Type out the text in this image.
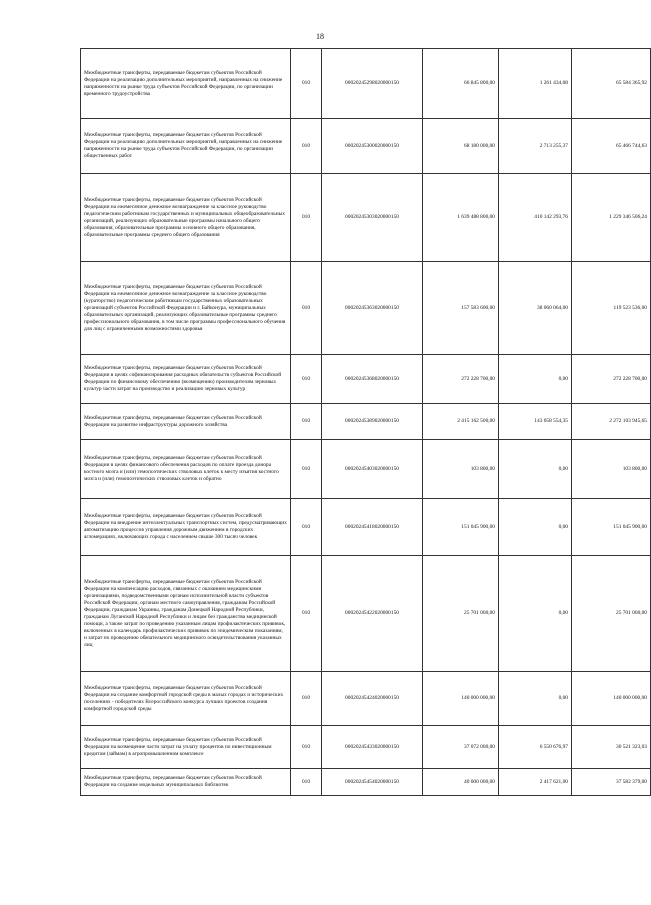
18
Межбюджетные трансферты, передаваемые бюджетам субъектов Российской Федерации на реализацию дополнительных мероприятий, направленных на снижение напряженности на рынке труда субъектов Российской Федерации, по организации временного трудоустройства	010	00020245298020000150	66 845 800,00	1 261 434,08	65 584 365,92
Межбюджетные трансферты, передаваемые бюджетам субъектов Российской Федерации на реализацию дополнительных мероприятий, направленных на снижение напряженности на рынке труда субъектов Российской Федерации, по организации общественных работ	010	00020245300020000150	68 180 000,00	2 713 255,37	65 466 744,63
Межбюджетные трансферты, передаваемые бюджетам субъектов Российской Федерации на ежемесячное денежное вознаграждение за классное руководство педагогическим работникам государственных и муниципальных общеобразовательных организаций, реализующих образовательные программы начального общего образования, образовательные программы основного общего образования, образовательные программы среднего общего образования	010	00020245303020000150	1 639 488 800,00	410 142 293,76	1 229 346 506,24
Межбюджетные трансферты, передаваемые бюджетам субъектов Российской Федерации на ежемесячное денежное вознаграждение за классное руководство (кураторство) педагогическим работникам государственных образовательных организаций субъектов Российской Федерации и г. Байконура, муниципальных образовательных организаций, реализующих образовательные программы среднего профессионального образования, в том числе программы профессионального обучения для лиц с ограниченными возможностями здоровья	010	00020245363020000150	157 583 600,00	38 060 064,00	119 523 536,00
Межбюджетные трансферты, передаваемые бюджетам субъектов Российской Федерации в целях софинансирования расходных обязательств субъектов Российской Федерации по финансовому обеспечению (возмещению) производителям зерновых культур части затрат на производство и реализацию зерновых культур	010	00020245368020000150	272 228 700,00	0,00	272 228 700,00
Межбюджетные трансферты, передаваемые бюджетам субъектов Российской Федерации на развитие инфраструктуры дорожного хозяйства	010	00020245389020000150	2 415 162 500,00	143 058 554,35	2 272 103 945,65
Межбюджетные трансферты, передаваемые бюджетам субъектов Российской Федерации в целях финансового обеспечения расходов по оплате проезда донора костного мозга и (или) гемопоэтических стволовых клеток к месту изъятия костного мозга и (или) гемопоэтических стволовых клеток и обратно	010	00020245403020000150	103 800,00	0,00	103 800,00
Межбюджетные трансферты, передаваемые бюджетам субъектов Российской Федерации на внедрение интеллектуальных транспортных систем, предусматривающих автоматизацию процессов управления дорожным движением в городских агломерациях, включающих города с населением свыше 300 тысяч человек	010	00020245418020000150	151 045 900,00	0,00	151 045 900,00
Межбюджетные трансферты, передаваемые бюджетам субъектов Российской Федерации на компенсацию расходов, связанных с оказанием медицинскими организациями, подведомственными органам исполнительной власти субъектов Российской Федерации, органам местного самоуправления, гражданам Российской Федерации, гражданам Украины, гражданам Донецкой Народной Республики, гражданам Луганской Народной Республики и лицам без гражданства медицинской помощи, а также затрат по проведению указанным лицам профилактических прививок, включенных в календарь профилактических прививок по эпидемическим показаниям, и затрат по проведению обязательного медицинского освидетельствования указанных лиц	010	00020245422020000150	25 701 000,00	0,00	25 701 000,00
Межбюджетные трансферты, передаваемые бюджетам субъектов Российской Федерации на создание комфортной городской среды в малых городах и исторических поселениях - победителях Всероссийского конкурса лучших проектов создания комфортной городской среды	010	00020245424020000150	140 000 000,00	0,00	140 000 000,00
Межбюджетные трансферты, передаваемые бюджетам субъектов Российской Федерации на возмещение части затрат на уплату процентов по инвестиционным кредитам (займам) в агропромышленном комплексе	010	00020245433020000150	37 072 000,00	6 550 676,97	30 521 323,03
Межбюджетные трансферты, передаваемые бюджетам субъектов Российской Федерации на создание модельных муниципальных библиотек	010	00020245454020000150	40 000 000,00	2 417 621,00	37 582 379,00
